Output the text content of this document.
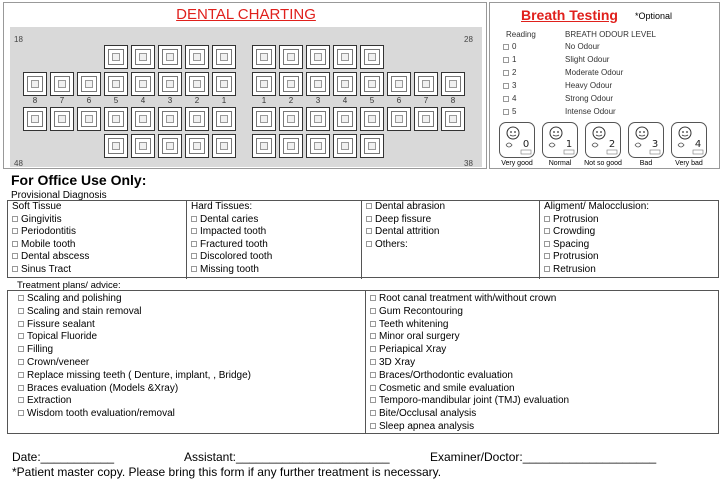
DENTAL CHARTING
18	28
48	38
8	7	6	5	4	3	2	1	1	2	3	4	5	6	7	8
Breath Testing *Optional
Reading	BREATH ODOUR LEVEL
0	No Odour
1	Slight Odour
2	Moderate Odour
3	Heavy Odour
4	Strong Odour
5	Intense Odour
0
Very good
1
Normal
2
Not so good
3
Bad
4
Very bad
For Office Use Only:
Provisional Diagnosis
Soft Tissue
Gingivitis
Periodontitis
Mobile tooth
Dental abscess
Sinus Tract
Hard Tissues:
Dental caries
Impacted tooth
Fractured tooth
Discolored tooth
Missing tooth
Dental abrasion
Deep fissure
Dental attrition
Others:
Aligment/ Malocclusion:
Protrusion
Crowding
Spacing
Protrusion
Retrusion
Treatment plans/ advice:
Scaling and polishing
Scaling and stain removal
Fissure sealant
Topical Fluoride
Filling
Crown/veneer
Replace missing teeth ( Denture, implant, , Bridge)
Braces evaluation (Models &Xray)
Extraction
Wisdom tooth evaluation/removal
Root canal treatment with/without crown
Gum Recontouring
Teeth whitening
Minor oral surgery
Periapical Xray
3D Xray
Braces/Orthodontic evaluation
Cosmetic and smile evaluation
Temporo-mandibular joint (TMJ) evaluation
Bite/Occlusal analysis
Sleep apnea analysis
Date:___________	Assistant:_______________________	Examiner/Doctor:____________________
*Patient master copy. Please bring this form if any further treatment is necessary.
